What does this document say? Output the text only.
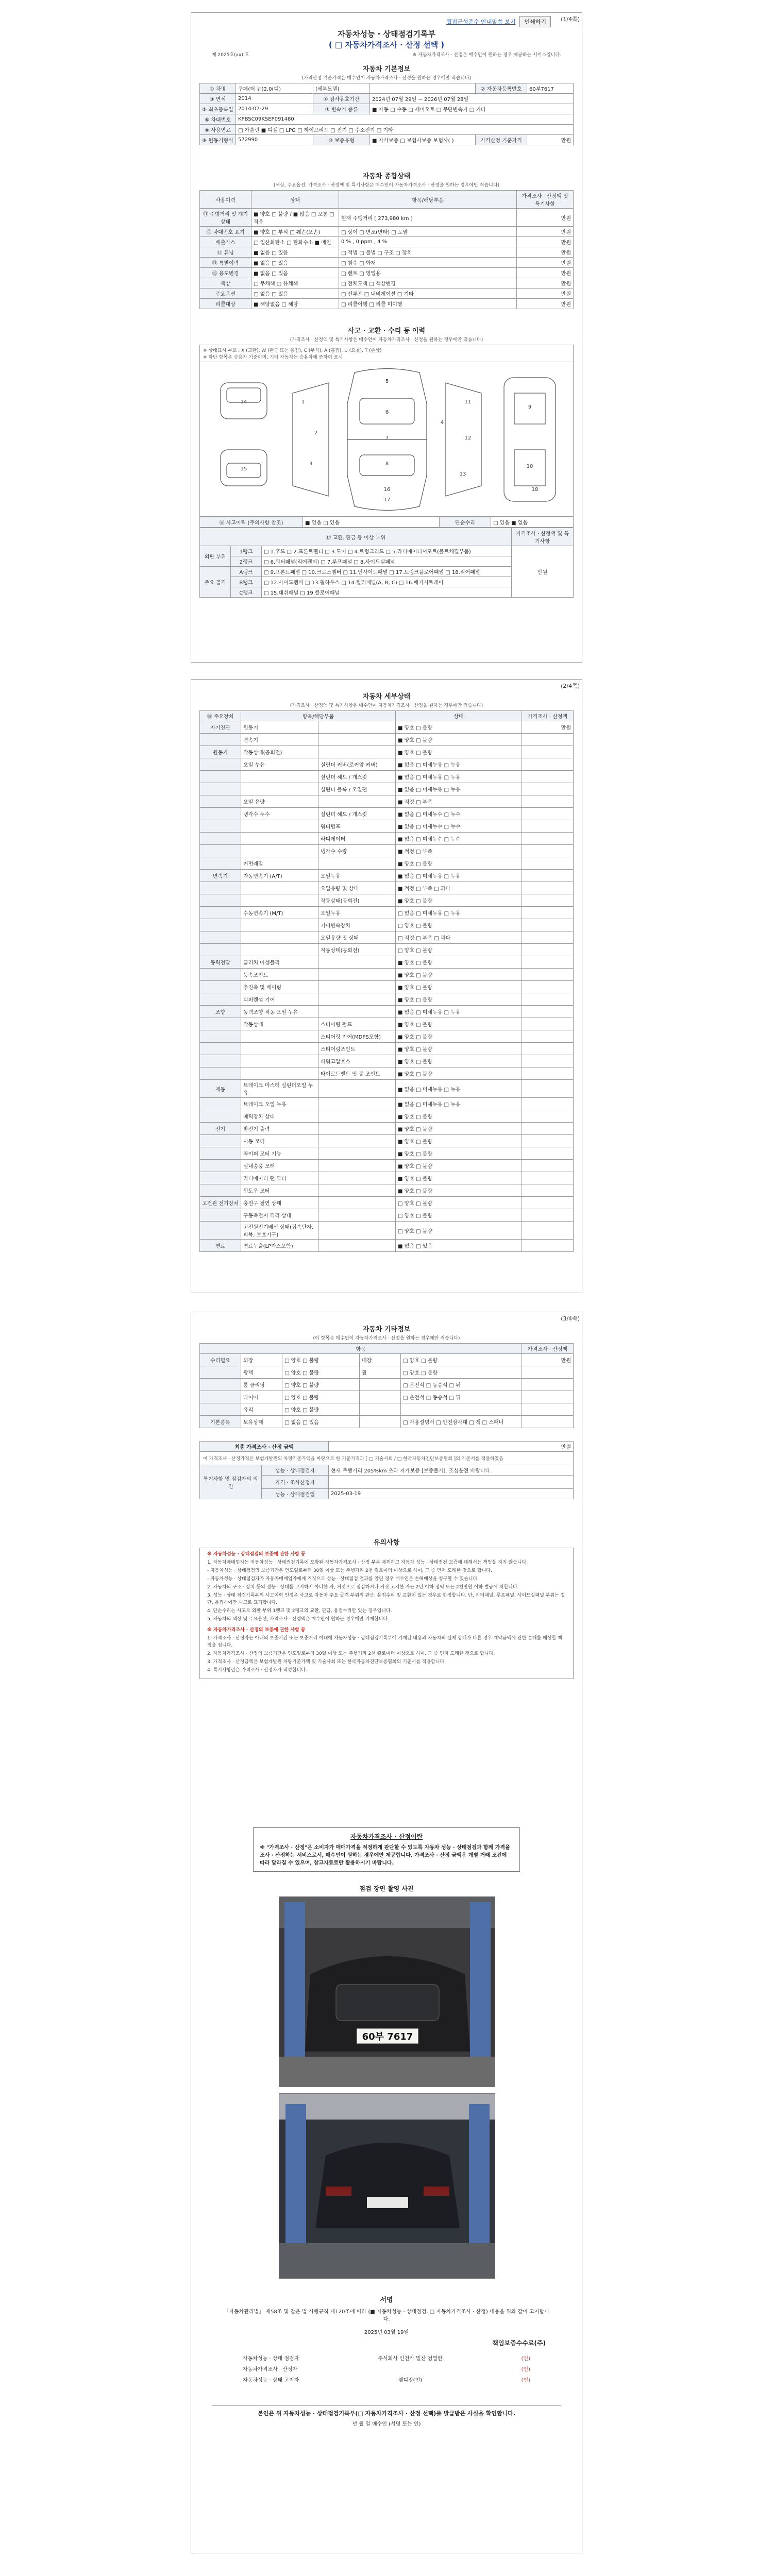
(1/4쪽)
웹접근성준수 안내말씀 보기	인쇄하기
자동차성능 · 상태점검기록부
( □ 자동차가격조사 · 산정 선택 )
제 2025호(xx) 호	※ 자동차가격조사 · 산정은 매수인이 원하는 경우 제공하는 서비스입니다.
자동차 기본정보
(가격산정 기준가격은 매수인이 자동차가격조사 · 산정을 원하는 경우에만 적습니다)
① 차명	쿠페(더 뉴)2.0(디)	(세부모델)		② 자동차등록번호	60부7617
③ 연식	2014	④ 검사유효기간	2024년 07월 29일 ~ 2026년 07월 28일		
⑤ 최초등록일	2014-07-29	⑦ 변속기 종류	■ 자동 □ 수동 □ 세미오토 □ 무단변속기 □ 기타		
⑥ 차대번호	KPBSC09KSEP091480				
⑧ 사용연료	□ 가솔린 ■ 디젤 □ LPG □ 하이브리드 □ 전기 □ 수소전기 □ 기타				
⑨ 원동기형식	572990	⑩ 보증유형	■ 자가보증 □ 보험사보증 보험사( )	가격산정 기준가격	만원
자동차 종합상태
(색상, 주요옵션, 가격조사 · 산정액 및 특기사항은 매수인이 자동차가격조사 · 산정을 원하는 경우에만 적습니다)
사용이력	상태	항목/해당부품	가격조사 · 산정액 및 특기사항
⑪ 주행거리 및 계기상태	■ 양호 □ 불량 / ■ 많음 □ 보통 □ 적음	현재 주행거리 [ 273,980 km ]	만원
⑫ 차대번호 표기	■ 양호 □ 부식 □ 훼손(오손)	□ 상이 □ 변조(변타) □ 도말	만원
배출가스	□ 일산화탄소 □ 탄화수소 ■ 매연	0 % , 0 ppm , 4 %	만원
⑬ 튜닝	■ 없음 □ 있음	□ 적법 □ 불법 □ 구조 □ 장치	만원
⑭ 특별이력	■ 없음 □ 있음	□ 침수 □ 화재	만원
⑮ 용도변경	■ 없음 □ 있음	□ 렌트 □ 영업용	만원
색상	□ 무채색 □ 유채색	□ 전체도색 □ 색상변경	만원
주요옵션	□ 없음 □ 있음	□ 선루프 □ 내비게이션 □ 기타	만원
리콜대상	■ 해당없음 □ 해당	□ 리콜이행 □ 리콜 미이행	만원
사고 · 교환 · 수리 등 이력
(가격조사 · 산정액 및 특기사항은 매수인이 자동차가격조사 · 산정을 원하는 경우에만 적습니다)
※ 상태표시 부호 : X (교환), W (판금 또는 용접), C (부식), A (흠집), U (요철), T (손상)
※ 하단 항목은 승용차 기준이며, 기타 자동차는 승용차에 준하여 표시
1
2
3
4
5
6
7
8
9
10
11
12
13
14
15
16
17
18
⑯ 사고이력 (주의사항 참조)	■ 없음 □ 있음	단순수리	□ 있음 ■ 없음
⑰ 교환, 판금 등 이상 부위			가격조사 · 산정액 및 특기사항
외판 부위	1랭크	□ 1.후드 □ 2.프론트펜더 □ 3.도어 □ 4.트렁크리드 □ 5.라디에이터서포트(볼트체결부품)	만원
	2랭크	□ 6.쿼터패널(리어펜더) □ 7.루프패널 □ 8.사이드실패널	
주요 골격	A랭크	□ 9.프론트패널 □ 10.크로스멤버 □ 11.인사이드패널 □ 17.트렁크플로어패널 □ 18.리어패널	
	B랭크	□ 12.사이드멤버 □ 13.휠하우스 □ 14.필러패널(A, B, C) □ 16.패키지트레이	
	C랭크	□ 15.대쉬패널 □ 19.플로어패널	
(2/4쪽)
자동차 세부상태
(가격조사 · 산정액 및 특기사항은 매수인이 자동차가격조사 · 산정을 원하는 경우에만 적습니다)
⑱ 주요장치	항목/해당부품		상태	가격조사 · 산정액
자기진단	원동기		■ 양호 □ 불량	만원
	변속기		■ 양호 □ 불량	
원동기	작동상태(공회전)		■ 양호 □ 불량	
	오일 누유	실린더 커버(로커암 커버)	■ 없음 □ 미세누유 □ 누유	
		실린더 헤드 / 개스킷	■ 없음 □ 미세누유 □ 누유	
		실린더 블록 / 오일팬	■ 없음 □ 미세누유 □ 누유	
	오일 유량		■ 적정 □ 부족	
	냉각수 누수	실린더 헤드 / 개스킷	■ 없음 □ 미세누수 □ 누수	
		워터펌프	■ 없음 □ 미세누수 □ 누수	
		라디에이터	■ 없음 □ 미세누수 □ 누수	
		냉각수 수량	■ 적정 □ 부족	
	커먼레일		■ 양호 □ 불량	
변속기	자동변속기 (A/T)	오일누유	■ 없음 □ 미세누유 □ 누유	
		오일유량 및 상태	■ 적정 □ 부족 □ 과다	
		작동상태(공회전)	■ 양호 □ 불량	
	수동변속기 (M/T)	오일누유	□ 없음 □ 미세누유 □ 누유	
		기어변속장치	□ 양호 □ 불량	
		오일유량 및 상태	□ 적정 □ 부족 □ 과다	
		작동상태(공회전)	□ 양호 □ 불량	
동력전달	클러치 어셈블리		■ 양호 □ 불량	
	등속조인트		■ 양호 □ 불량	
	추진축 및 베어링		■ 양호 □ 불량	
	디퍼렌셜 기어		■ 양호 □ 불량	
조향	동력조향 작동 오일 누유		■ 없음 □ 미세누유 □ 누유	
	작동상태	스티어링 펌프	■ 양호 □ 불량	
		스티어링 기어(MDPS포함)	■ 양호 □ 불량	
		스티어링조인트	■ 양호 □ 불량	
		파워고압호스	■ 양호 □ 불량	
		타이로드엔드 및 볼 조인트	■ 양호 □ 불량	
제동	브레이크 마스터 실린더오일 누유		■ 없음 □ 미세누유 □ 누유	
	브레이크 오일 누유		■ 없음 □ 미세누유 □ 누유	
	배력장치 상태		■ 양호 □ 불량	
전기	발전기 출력		■ 양호 □ 불량	
	시동 모터		■ 양호 □ 불량	
	와이퍼 모터 기능		■ 양호 □ 불량	
	실내송풍 모터		■ 양호 □ 불량	
	라디에이터 팬 모터		■ 양호 □ 불량	
	윈도우 모터		■ 양호 □ 불량	
고전원 전기장치	충전구 절연 상태		□ 양호 □ 불량	
	구동축전지 격리 상태		□ 양호 □ 불량	
	고전원전기배선 상태(접속단자, 피복, 보호기구)		□ 양호 □ 불량	
연료	연료누출(LP가스포함)		■ 없음 □ 있음	
(3/4쪽)
자동차 기타정보
(이 항목은 매수인이 자동차가격조사 · 산정을 원하는 경우에만 적습니다)
항목					가격조사 · 산정액
수리필요	외장	□ 양호 □ 불량	내장	□ 양호 □ 불량	만원
	광택	□ 양호 □ 불량	휠	□ 양호 □ 불량	
	룸 클리닝	□ 양호 □ 불량		□ 운전석 □ 동승석 □ 뒤	
	타이어	□ 양호 □ 불량		□ 운전석 □ 동승석 □ 뒤	
	유리	□ 양호 □ 불량			
기본품목	보유상태	□ 없음 □ 있음		□ 사용설명서 □ 안전삼각대 □ 잭 □ 스패너	
최종 가격조사 · 산정 금액		만원
이 가격조사 · 산정가격은 보험개발원의 차량기준가액을 바탕으로 한 기준가격과 [ □ 기술사회 / □ 한국자동차진단보증협회 ]의 기준서를 적용하였음		
특기사항 및 점검자의 의견	성능 · 상태점검자	현재 주행거리 205%km 초과 자가보증 [보증불가]. 조심운전 바랍니다.
	가격 · 조사산정자	
	성능 · 상태점검일	2025-03-19
유의사항

※ 자동차성능 · 상태점검의 보증에 관한 사항 등

1. 자동차매매업자는 자동차성능 · 상태점검기록에 포함된 자동차가격조사 · 산정 부분 제외하고 자동차 성능 · 상태점검 보증에 대해서는 책임을 지지 않습니다.

- 자동차성능 · 상태점검의 보증기간은 인도일로부터 30일 이상 또는 주행거리 2천 킬로미터 이상으로 하며, 그 중 먼저 도래한 것으로 합니다.

- 자동차성능 · 상태점검자가 자동차매매업자에게 거짓으로 성능 · 상태점검 결과를 알린 경우 매수인은 손해배상을 청구할 수 있습니다.

2. 자동차의 구조 · 장치 등의 성능 · 상태를 고지하지 아니한 자, 거짓으로 점검하거나 거짓 고지한 자는 2년 이하 징역 또는 2천만원 이하 벌금에 처합니다.

3. 성능 · 상태 점검기록부의 사고이력 인정은 사고로 자동차 주요 골격 부위의 판금, 용접수리 및 교환이 있는 경우로 한정합니다. 단, 쿼터패널, 루프패널, 사이드실패널 부위는 절단, 용접시에만 사고로 표기합니다.

4. 단순수리는 사고로 외판 부위 1랭크 및 2랭크의 교환, 판금, 용접수리만 있는 경우입니다.

5. 자동차의 색상 및 주요옵션, 가격조사 · 산정액은 매수인이 원하는 경우에만 기재합니다.

※ 자동차가격조사 · 산정의 보증에 관한 사항 등

1. 가격조사 · 산정자는 아래의 보증기간 또는 보증거리 이내에 자동차성능 · 상태점검기록부에 기재된 내용과 자동차의 실제 상태가 다른 경우 계약금액에 관한 손해를 배상할 책임을 집니다.

2. 자동차가격조사 · 산정의 보증기간은 인도일로부터 30일 이상 또는 주행거리 2천 킬로미터 이상으로 하며, 그 중 먼저 도래한 것으로 합니다.

3. 가격조사 · 산정금액은 보험개발원 차량기준가액 및 기술사회 또는 한국자동차진단보증협회의 기준서를 적용합니다.

4. 특기사항란은 가격조사 · 산정자가 작성합니다.

자동차가격조사 · 산정이란
※ "가격조사 · 산정"은 소비자가 매매가격을 적정하게 판단할 수 있도록 자동차 성능 · 상태점검과 함께 가격을 조사 · 산정하는 서비스로서, 매수인이 원하는 경우에만 제공합니다. 가격조사 · 산정 금액은 개별 거래 조건에 따라 달라질 수 있으며, 참고자료로만 활용하시기 바랍니다.
점검 장면 촬영 사진
60부 7617
서명
「자동차관리법」 제58조 및 같은 법 시행규칙 제120조에 따라 (■ 자동차성능 · 상태점검, □ 자동차가격조사 · 산정) 내용을 위와 같이 고지합니다.
2025년 03월 19일
책임보증수수료(주)
자동차성능 · 상태 점검자	주식회사 인천카 밑산 검열한	(인)
자동차가격조사 · 산정자	(인)
자동차성능 · 상태 고지자	웰디정(인)	(인)
본인은 위 자동차성능 · 상태점검기록부(□ 자동차가격조사 · 산정 선택)를 발급받은 사실을 확인합니다.
년 월 일 매수인 (서명 또는 인)
